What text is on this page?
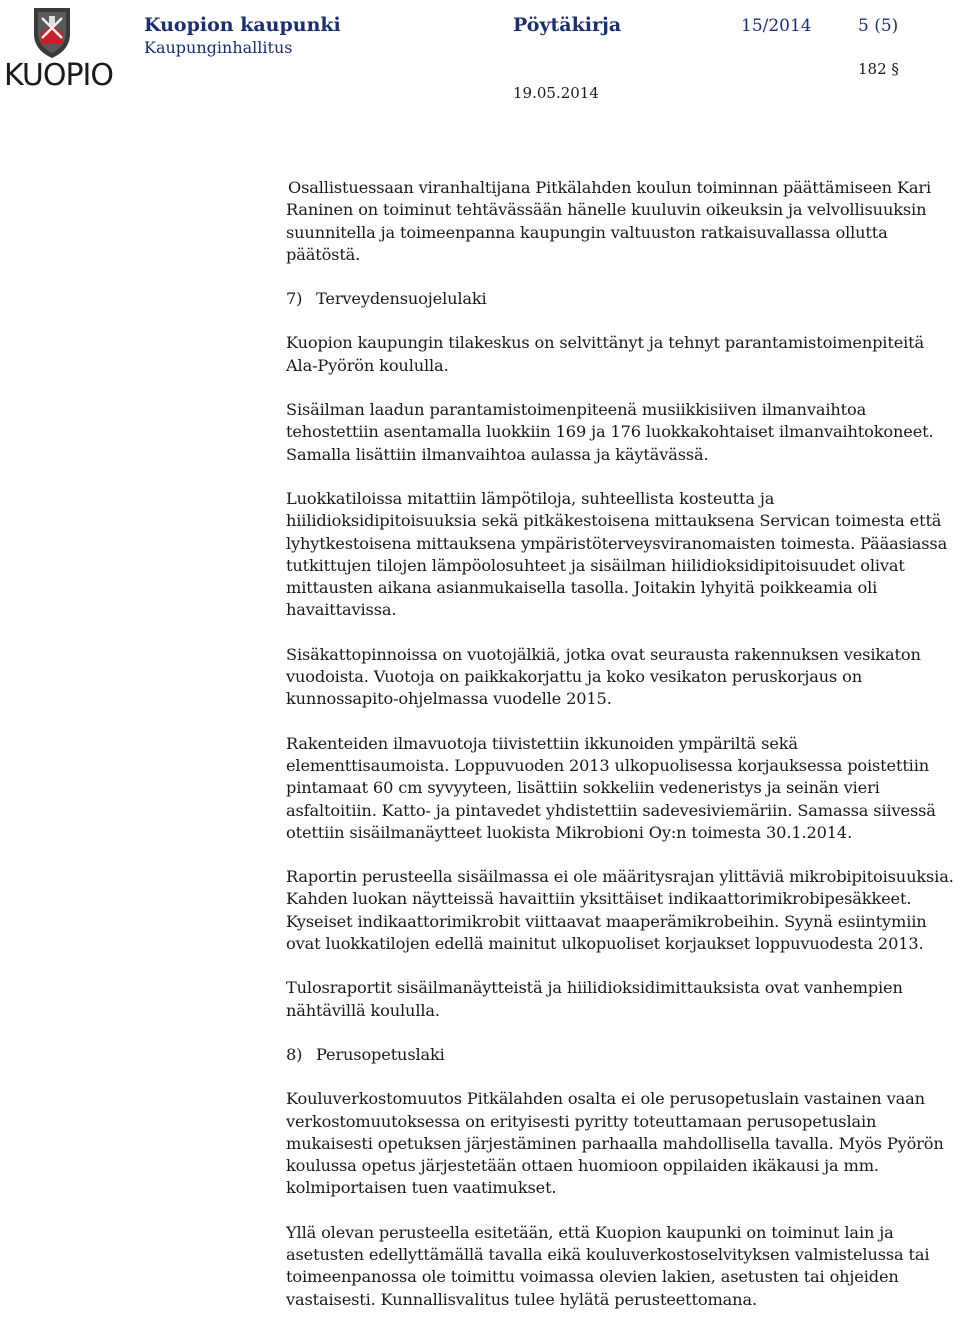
KUOPIO
Kuopion kaupunki
Kaupunginhallitus
Pöytäkirja	15/2014	5 (5)
182 §
19.05.2014

Osallistuessaan viranhaltijana Pitkälahden koulun toiminnan päättämiseen Kari Raninen on toiminut tehtävässään hänelle kuuluvin oikeuksin ja velvollisuuksin suunnitella ja toimeenpanna kaupungin valtuuston ratkaisuvallassa ollutta päätöstä.

7) Terveydensuojelulaki

Kuopion kaupungin tilakeskus on selvittänyt ja tehnyt parantamistoimenpiteitä Ala-Pyörön koululla.

Sisäilman laadun parantamistoimenpiteenä musiikkisiiven ilmanvaihtoa tehostettiin asentamalla luokkiin 169 ja 176 luokkakohtaiset ilmanvaihtokoneet. Samalla lisättiin ilmanvaihtoa aulassa ja käytävässä.

Luokkatiloissa mitattiin lämpötiloja, suhteellista kosteutta ja hiilidioksidipitoisuuksia sekä pitkäkestoisena mittauksena Servican toimesta että lyhytkestoisena mittauksena ympäristöterveysviranomaisten toimesta. Pääasiassa tutkittujen tilojen lämpöolosuhteet ja sisäilman hiilidioksidipitoisuudet olivat mittausten aikana asianmukaisella tasolla. Joitakin lyhyitä poikkeamia oli havaittavissa.

Sisäkattopinnoissa on vuotojälkiä, jotka ovat seurausta rakennuksen vesikaton vuodoista. Vuotoja on paikkakorjattu ja koko vesikaton peruskorjaus on kunnossapito-ohjelmassa vuodelle 2015.

Rakenteiden ilmavuotoja tiivistettiin ikkunoiden ympäriltä sekä elementtisaumoista. Loppuvuoden 2013 ulkopuolisessa korjauksessa poistettiin pintamaat 60 cm syvyyteen, lisättiin sokkeliin vedeneristys ja seinän vieri asfaltoitiin. Katto- ja pintavedet yhdistettiin sadevesiviemäriin. Samassa siivessä otettiin sisäilmanäytteet luokista Mikrobioni Oy:n toimesta 30.1.2014.

Raportin perusteella sisäilmassa ei ole määritysrajan ylittäviä mikrobipitoisuuksia. Kahden luokan näytteissä havaittiin yksittäiset indikaattorimikrobipesäkkeet. Kyseiset indikaattorimikrobit viittaavat maaperämikrobeihin. Syynä esiintymiin ovat luokkatilojen edellä mainitut ulkopuoliset korjaukset loppuvuodesta 2013.

Tulosraportit sisäilmanäytteistä ja hiilidioksidimittauksista ovat vanhempien nähtävillä koululla.

8) Perusopetuslaki

Kouluverkostomuutos Pitkälahden osalta ei ole perusopetuslain vastainen vaan verkostomuutoksessa on erityisesti pyritty toteuttamaan perusopetuslain mukaisesti opetuksen järjestäminen parhaalla mahdollisella tavalla. Myös Pyörön koulussa opetus järjestetään ottaen huomioon oppilaiden ikäkausi ja mm. kolmiportaisen tuen vaatimukset.

Yllä olevan perusteella esitetään, että Kuopion kaupunki on toiminut lain ja asetusten edellyttämällä tavalla eikä kouluverkostoselvityksen valmistelussa tai toimeenpanossa ole toimittu voimassa olevien lakien, asetusten tai ohjeiden vastaisesti. Kunnallisvalitus tulee hylätä perusteettomana.
